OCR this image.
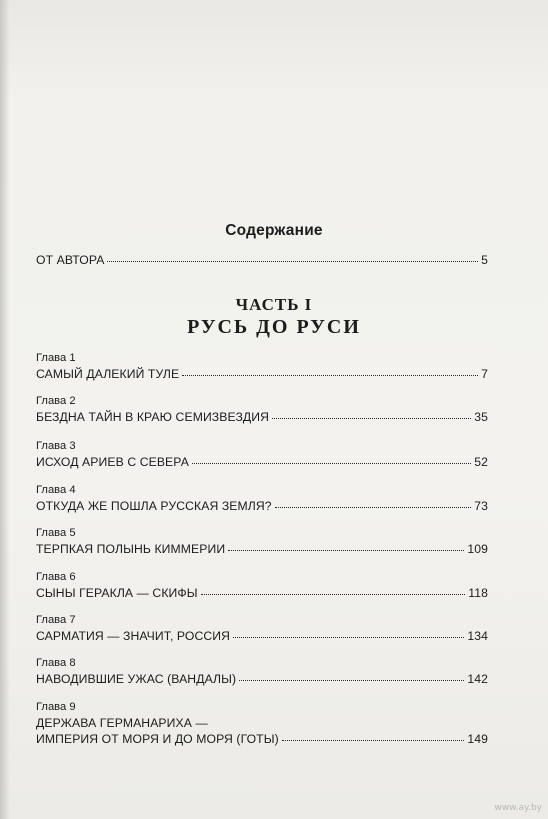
Содержание
ОТ АВТОРА	5
ЧАСТЬ I
РУСЬ ДО РУСИ
Глава 1
САМЫЙ ДАЛЕКИЙ ТУЛЕ	7
Глава 2
БЕЗДНА ТАЙН В КРАЮ СЕМИЗВЕЗДИЯ	35
Глава 3
ИСХОД АРИЕВ С СЕВЕРА	52
Глава 4
ОТКУДА ЖЕ ПОШЛА РУССКАЯ ЗЕМЛЯ?	73
Глава 5
ТЕРПКАЯ ПОЛЫНЬ КИММЕРИИ	109
Глава 6
СЫНЫ ГЕРАКЛА — СКИФЫ	118
Глава 7
САРМАТИЯ — ЗНАЧИТ, РОССИЯ	134
Глава 8
НАВОДИВШИЕ УЖАС (ВАНДАЛЫ)	142
Глава 9
ДЕРЖАВА ГЕРМАНАРИХА —
ИМПЕРИЯ ОТ МОРЯ И ДО МОРЯ (ГОТЫ)	149
www.ay.by
